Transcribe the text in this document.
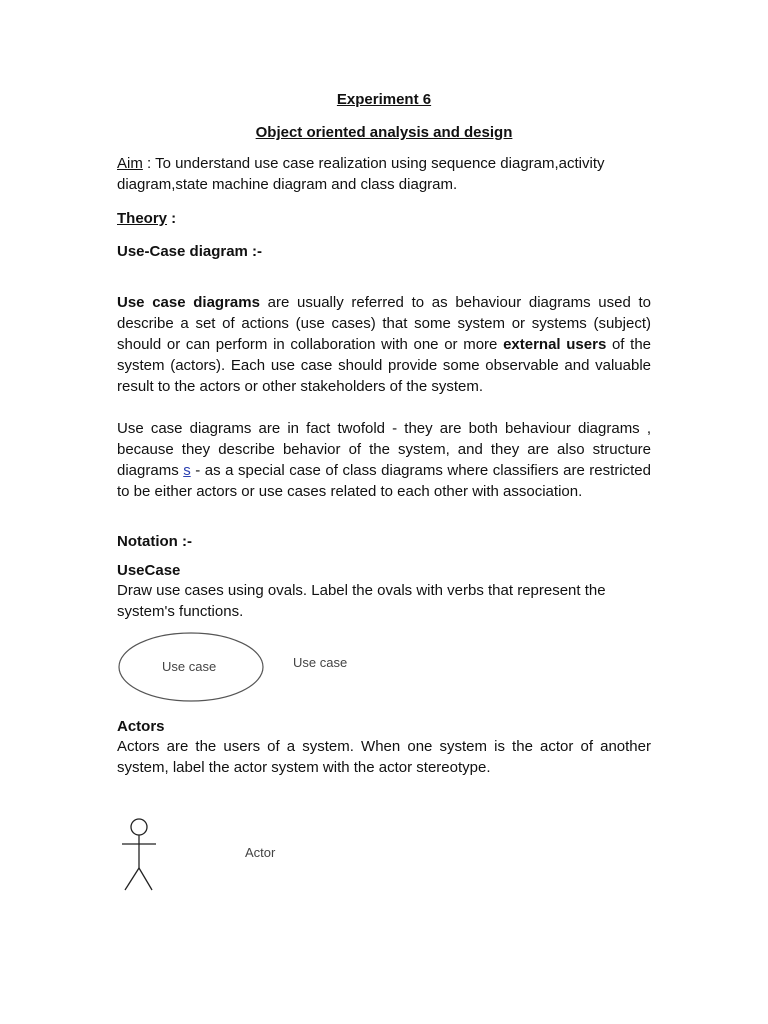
Experiment 6
Object oriented analysis and design
Aim : To understand use case realization using sequence diagram,activity diagram,state machine diagram and class diagram.
Theory :
Use-Case diagram :-
Use case diagrams are usually referred to as behaviour diagrams used to describe a set of actions (use cases) that some system or systems (subject) should or can perform in collaboration with one or more external users of the system (actors). Each use case should provide some observable and valuable result to the actors or other stakeholders of the system.
Use case diagrams are in fact twofold - they are both behaviour diagrams , because they describe behavior of the system, and they are also structure diagrams s - as a special case of class diagrams where classifiers are restricted to be either actors or use cases related to each other with association.
Notation :-
UseCase
Draw use cases using ovals. Label the ovals with verbs that represent the system's functions.
Use case	Use case
Actors
Actors are the users of a system. When one system is the actor of another system, label the actor system with the actor stereotype.
Actor
